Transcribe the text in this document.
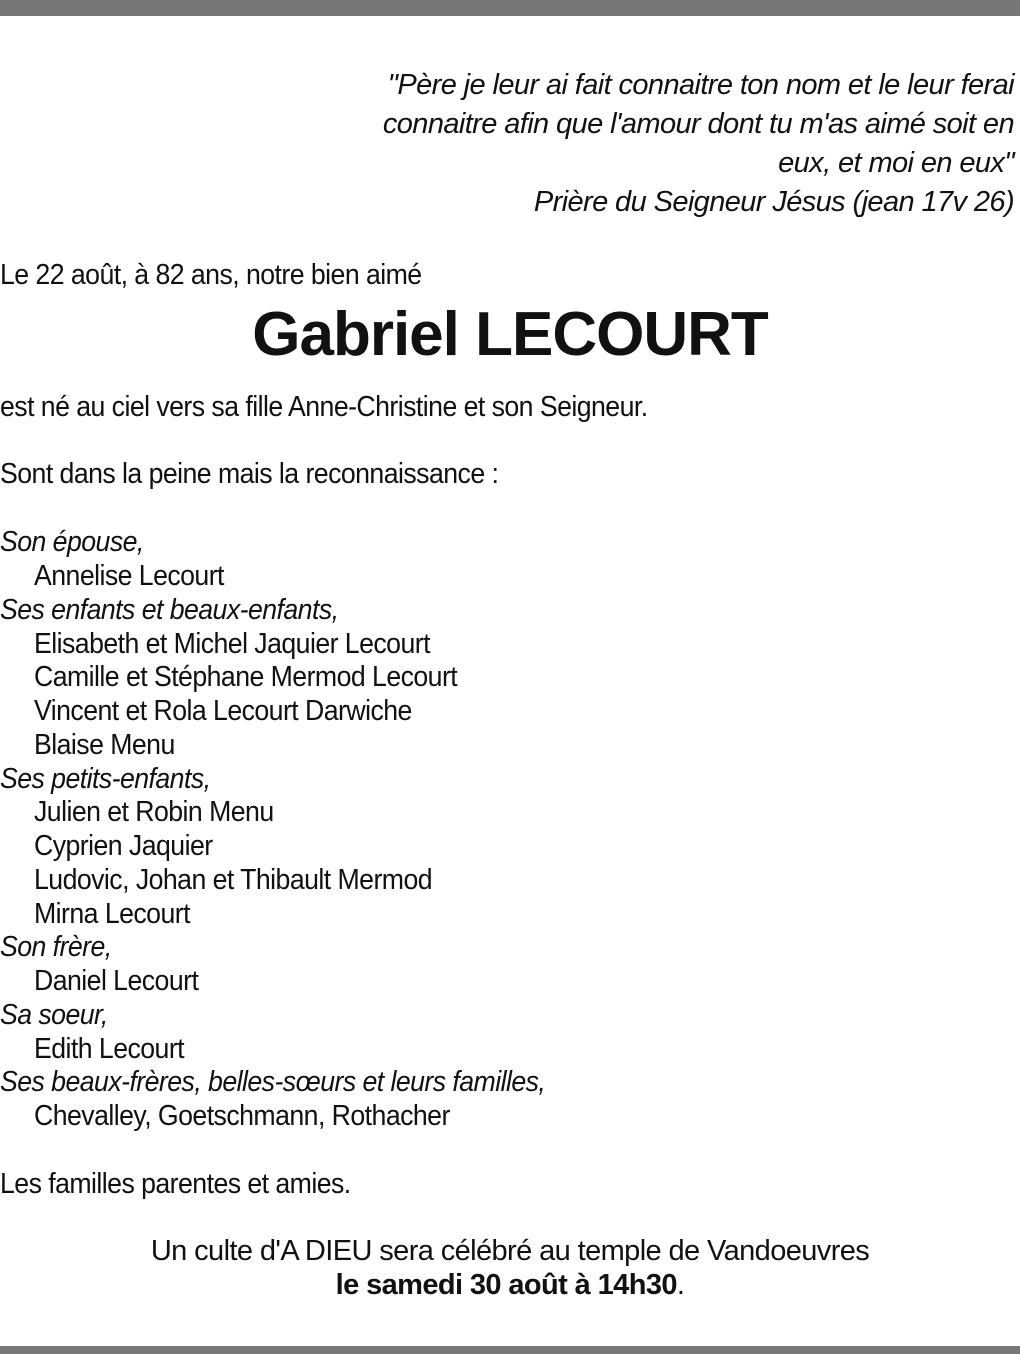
"Père je leur ai fait connaitre ton nom et le leur ferai
connaitre afin que l'amour dont tu m'as aimé soit en
eux, et moi en eux"
Prière du Seigneur Jésus (jean 17v 26)
Le 22 août, à 82 ans, notre bien aimé
Gabriel LECOURT
est né au ciel vers sa fille Anne-Christine et son Seigneur.
Sont dans la peine mais la reconnaissance :
Son épouse,
Annelise Lecourt
Ses enfants et beaux-enfants,
Elisabeth et Michel Jaquier Lecourt
Camille et Stéphane Mermod Lecourt
Vincent et Rola Lecourt Darwiche
Blaise Menu
Ses petits-enfants,
Julien et Robin Menu
Cyprien Jaquier
Ludovic, Johan et Thibault Mermod
Mirna Lecourt
Son frère,
Daniel Lecourt
Sa soeur,
Edith Lecourt
Ses beaux-frères, belles-sœurs et leurs familles,
Chevalley, Goetschmann, Rothacher
Les familles parentes et amies.
Un culte d'A DIEU sera célébré au temple de Vandoeuvres
le samedi 30 août à 14h30.
